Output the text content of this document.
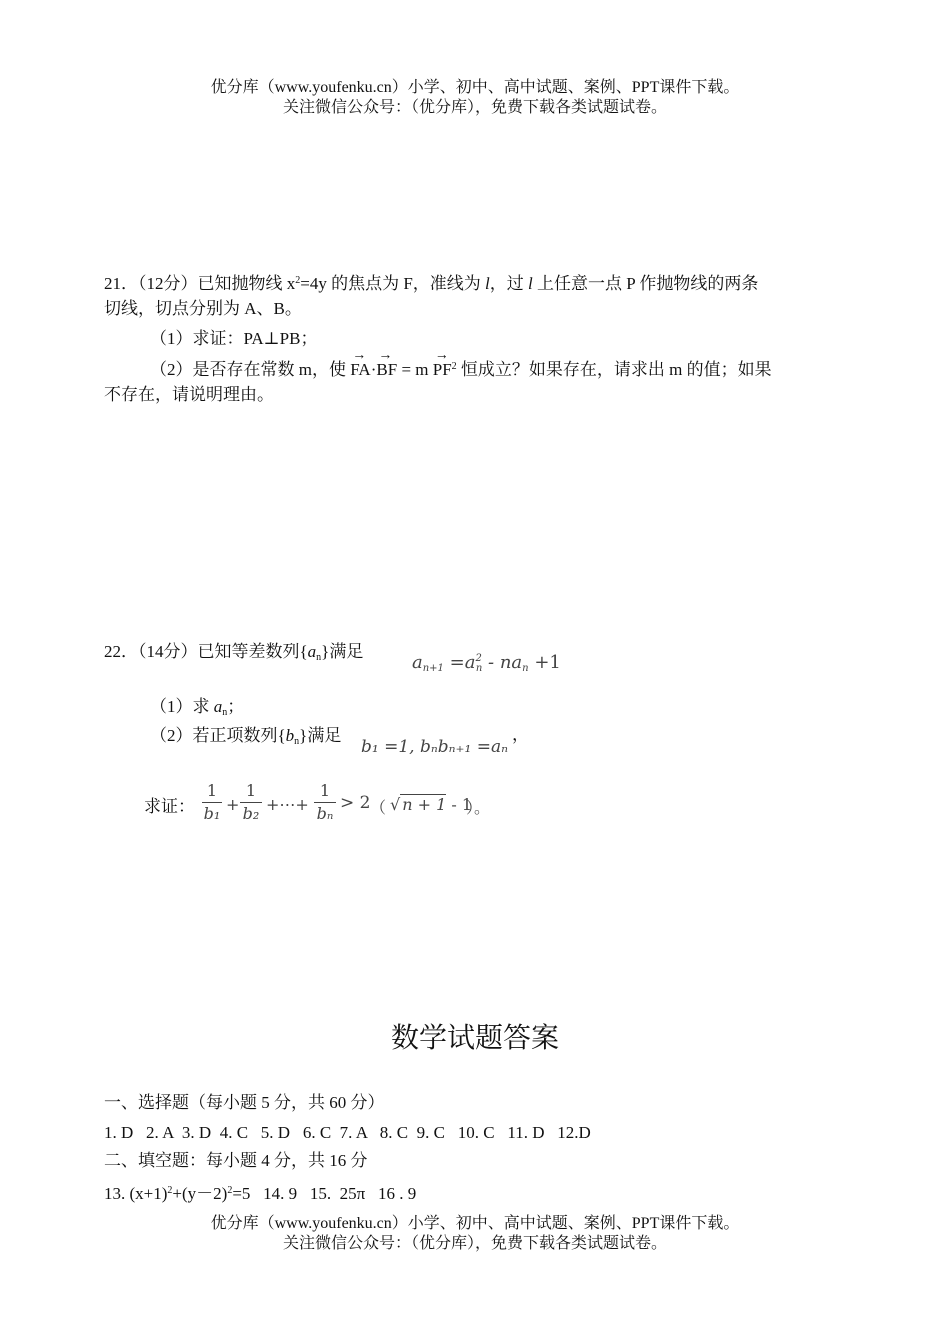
优分库（www.youfenku.cn）小学、初中、高中试题、案例、PPT课件下载。
关注微信公众号：（优分库），免费下载各类试题试卷。
21．（12分）已知抛物线 $x^2=4y$ 的焦点为 F，准线为 l，过 l 上任意一点 P 作抛物线的两条
切线，切点分别为 A、B。
（1）求证：PA⊥PB；
（2）是否存在常数 m，使
→
FA·
→
BF = m
→
$PF^2$ 恒成立？如果存在，请求出 m 的值；如果
不存在，请说明理由。
22．（14分）已知等差数列$\{a_n\}$满足
$a_{n+1} =a^2_n - na_n +1$
（1）求 $a_n$；
（2）若正项数列$\{b_n\}$满足
b₁ =1, bₙbₙ₊₁ =aₙ
，
求证：
1
b₁ +
1
b₂ +⋯+
1
bₙ
> 2 （ √ n + 1 - 1
）。
数学试题答案
一、选择题（每小题 5 分，共 60 分）
1. D   2. A  3. D  4. C   5. D   6. C  7. A   8. C  9. C   10. C   11. D   12.D
二、填空题：每小题 4 分，共 16 分
13. $(x+1)^2+(y-2)^2=5$   14. 9   15.  25π   16 . 9
优分库（www.youfenku.cn）小学、初中、高中试题、案例、PPT课件下载。
关注微信公众号：（优分库），免费下载各类试题试卷。
